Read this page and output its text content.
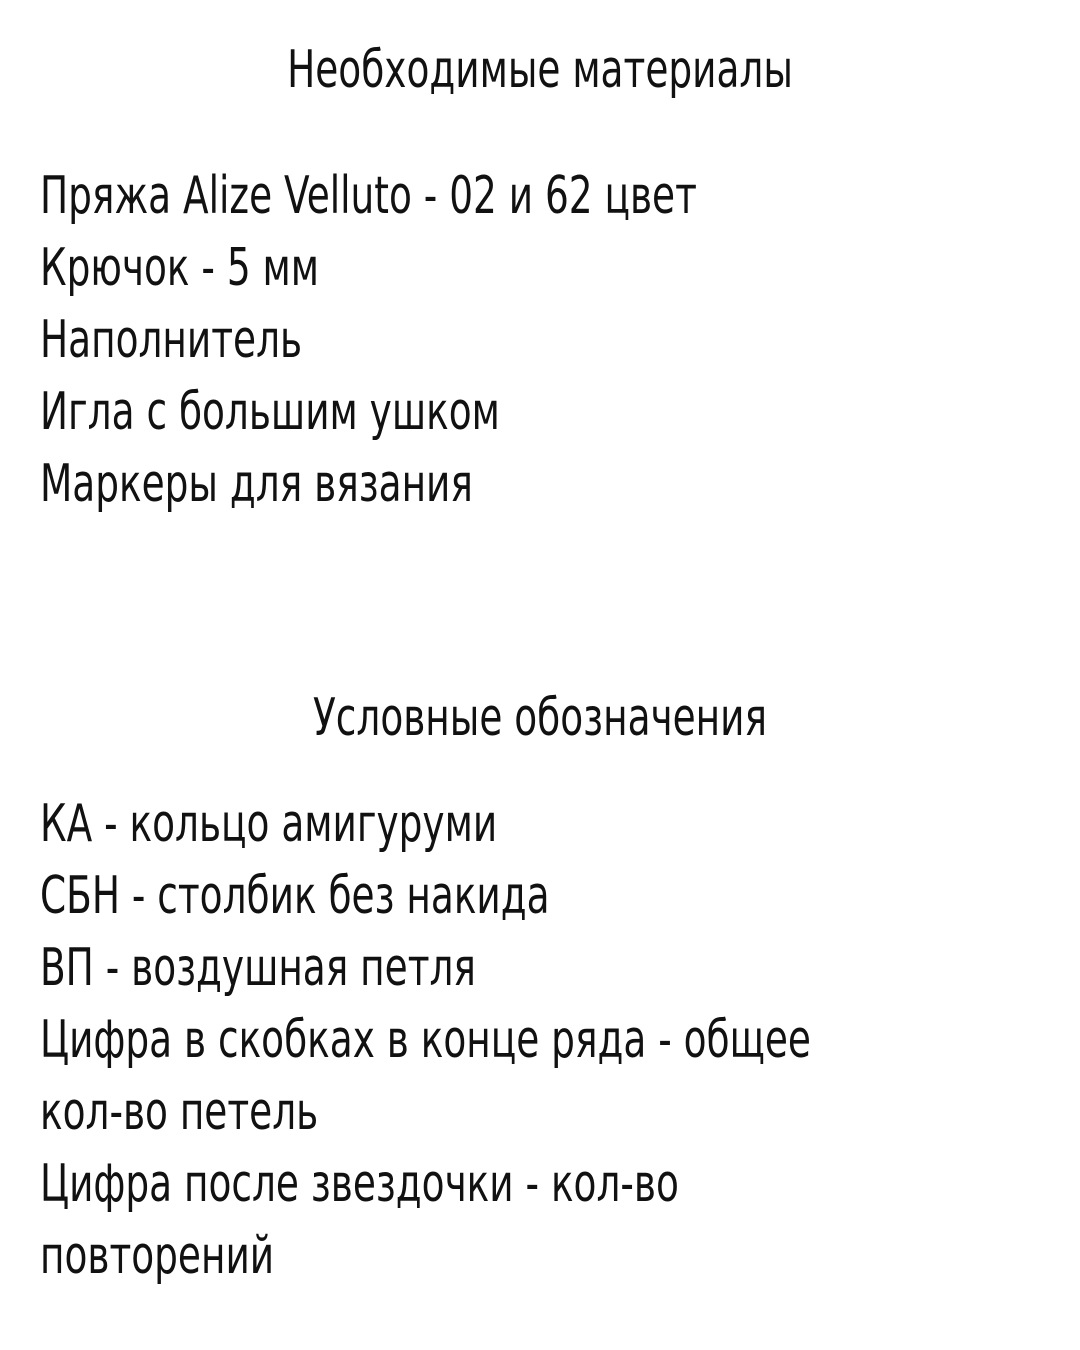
Необходимые материалы
Пряжа Alize Velluto - 02 и 62 цвет
Крючок - 5 мм
Наполнитель
Игла с большим ушком
Маркеры для вязания
Условные обозначения
КА - кольцо амигуруми
СБН - столбик без накида
ВП - воздушная петля
Цифра в скобках в конце ряда - общее
кол-во петель
Цифра после звездочки - кол-во
повторений
